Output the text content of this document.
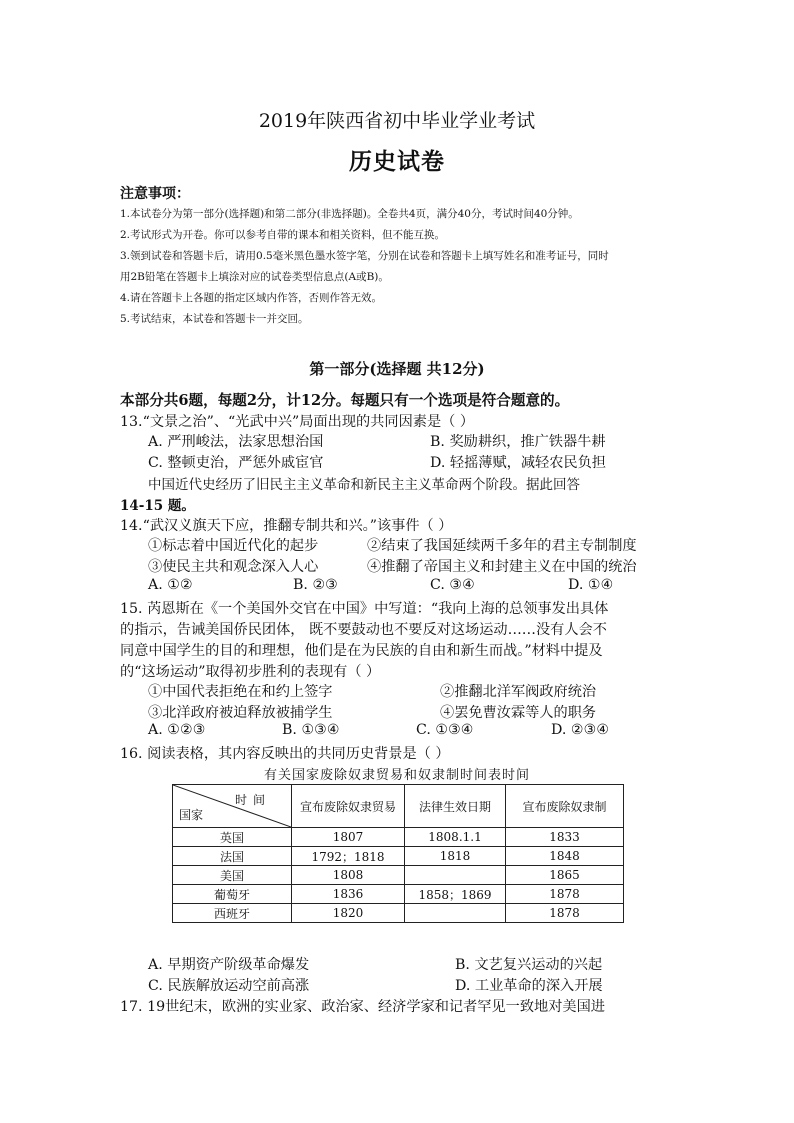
2019年陕西省初中毕业学业考试
历史试卷
注意事项：
1.本试卷分为第一部分(选择题)和第二部分(非选择题)。全卷共4页，满分40分，考试时间40分钟。
2.考试形式为开卷。你可以参考自带的课本和相关资料，但不能互换。
3.领到试卷和答题卡后，请用0.5毫米黑色墨水签字笔，分别在试卷和答题卡上填写姓名和准考证号，同时
用2B铅笔在答题卡上填涂对应的试卷类型信息点(A或B)。
4.请在答题卡上各题的指定区域内作答，否则作答无效。
5.考试结束，本试卷和答题卡一并交回。
第一部分(选择题 共12分)
本部分共6题，每题2分，计12分。每题只有一个选项是符合题意的。
13.“文景之治”、“光武中兴”局面出现的共同因素是（ ）
A. 严刑峻法，法家思想治国	B. 奖励耕织，推广铁器牛耕
C. 整顿吏治，严惩外戚宦官	D. 轻摇薄赋，减轻农民负担
中国近代史经历了旧民主主义革命和新民主主义革命两个阶段。据此回答
14-15 题。
14.“武汉义旗天下应，推翻专制共和兴。”该事件（ ）
①标志着中国近代化的起步	②结束了我国延续两千多年的君主专制制度
③使民主共和观念深入人心	④推翻了帝国主义和封建主义在中国的统治
A. ①②	B. ②③	C. ③④	D. ①④
15. 芮恩斯在《一个美国外交官在中国》中写道：“我向上海的总领事发出具体
的指示，告诫美国侨民团体， 既不要鼓动也不要反对这场运动……没有人会不
同意中国学生的目的和理想，他们是在为民族的自由和新生而战。”材料中提及
的“这场运动”取得初步胜利的表现有（ ）
①中国代表拒绝在和约上签字	②推翻北洋军阀政府统治
③北洋政府被迫释放被捕学生	④罢免曹汝霖等人的职务
A. ①②③	B. ①③④	C. ①③④	D. ②③④
16. 阅读表格，其内容反映出的共同历史背景是（ ）
有关国家废除奴隶贸易和奴隶制时间表时间
时间
国家	宣布废除奴隶贸易	法律生效日期	宣布废除奴隶制
英国	1807	1808.1.1	1833
法国	1792；1818	1818	1848
美国	1808		1865
葡萄牙	1836	1858；1869	1878
西班牙	1820		1878
A. 早期资产阶级革命爆发	B. 文艺复兴运动的兴起
C. 民族解放运动空前高涨	D. 工业革命的深入开展
17. 19世纪末，欧洲的实业家、政治家、经济学家和记者罕见一致地对美国进
